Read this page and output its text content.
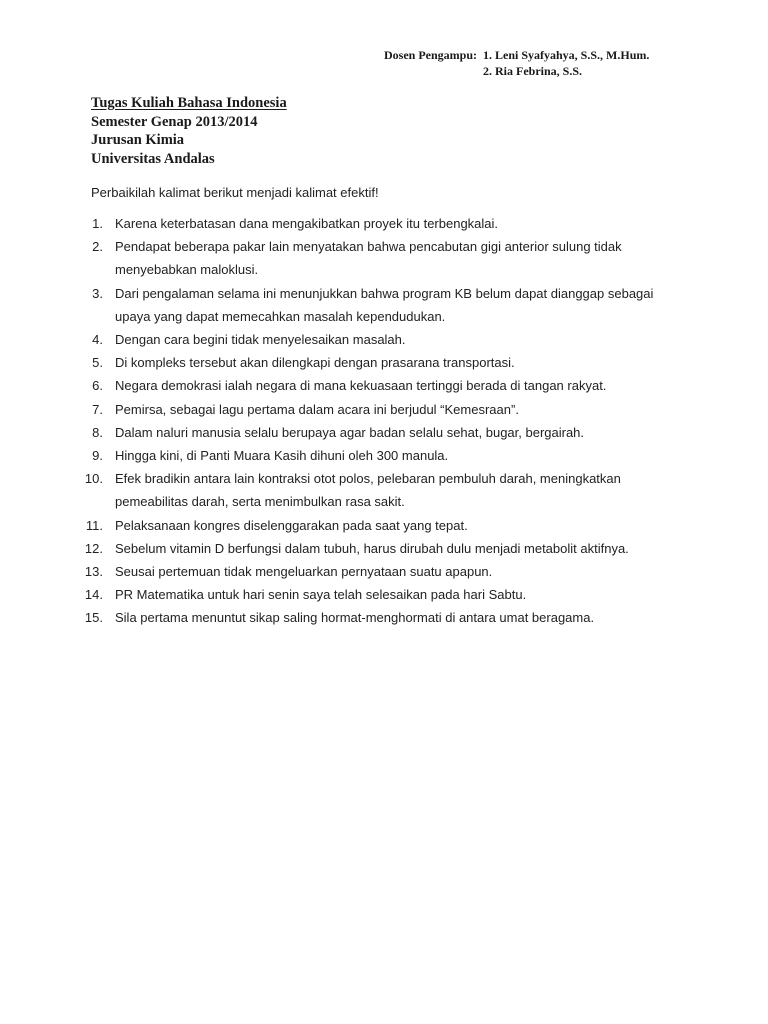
Dosen Pengampu: 1. Leni Syafyahya, S.S., M.Hum.
2. Ria Febrina, S.S.
Tugas Kuliah Bahasa Indonesia
Semester Genap 2013/2014
Jurusan Kimia
Universitas Andalas
Perbaikilah kalimat berikut menjadi kalimat efektif!
1. Karena keterbatasan dana mengakibatkan proyek itu terbengkalai.
2. Pendapat beberapa pakar lain menyatakan bahwa pencabutan gigi anterior sulung tidak menyebabkan maloklusi.
3. Dari pengalaman selama ini menunjukkan bahwa program KB belum dapat dianggap sebagai upaya yang dapat memecahkan masalah kependudukan.
4. Dengan cara begini tidak menyelesaikan masalah.
5. Di kompleks tersebut akan dilengkapi dengan prasarana transportasi.
6. Negara demokrasi ialah negara di mana kekuasaan tertinggi berada di tangan rakyat.
7. Pemirsa, sebagai lagu pertama dalam acara ini berjudul “Kemesraan”.
8. Dalam naluri manusia selalu berupaya agar badan selalu sehat, bugar, bergairah.
9. Hingga kini, di Panti Muara Kasih dihuni oleh 300 manula.
10. Efek bradikin antara lain kontraksi otot polos, pelebaran pembuluh darah, meningkatkan pemeabilitas darah, serta menimbulkan rasa sakit.
11. Pelaksanaan kongres diselenggarakan pada saat yang tepat.
12. Sebelum vitamin D berfungsi dalam tubuh, harus dirubah dulu menjadi metabolit aktifnya.
13. Seusai pertemuan tidak mengeluarkan pernyataan suatu apapun.
14. PR Matematika untuk hari senin saya telah selesaikan pada hari Sabtu.
15. Sila pertama menuntut sikap saling hormat-menghormati di antara umat beragama.
